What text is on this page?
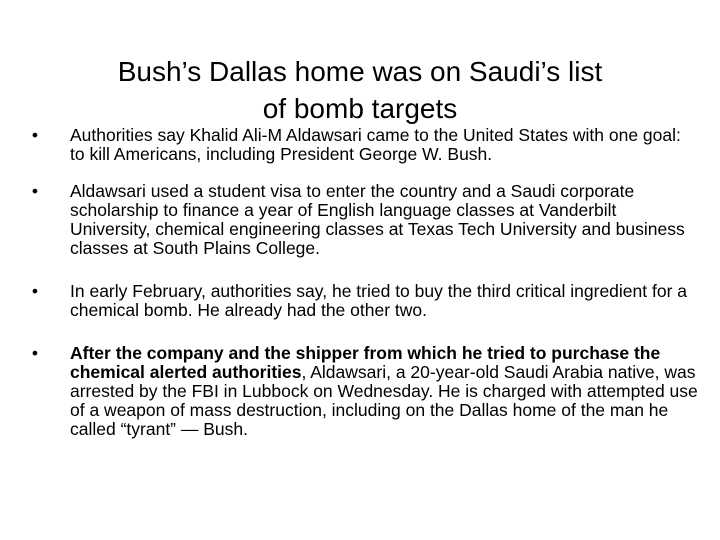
Bush’s Dallas home was on Saudi’s list
of bomb targets
• Authorities say Khalid Ali-M Aldawsari came to the United States with one goal: to kill Americans, including President George W. Bush.
• Aldawsari used a student visa to enter the country and a Saudi corporate scholarship to finance a year of English language classes at Vanderbilt University, chemical engineering classes at Texas Tech University and business classes at South Plains College.
• In early February, authorities say, he tried to buy the third critical ingredient for a chemical bomb. He already had the other two.
• After the company and the shipper from which he tried to purchase the chemical alerted authorities, Aldawsari, a 20-year-old Saudi Arabia native, was arrested by the FBI in Lubbock on Wednesday. He is charged with attempted use of a weapon of mass destruction, including on the Dallas home of the man he called “tyrant” — Bush.
